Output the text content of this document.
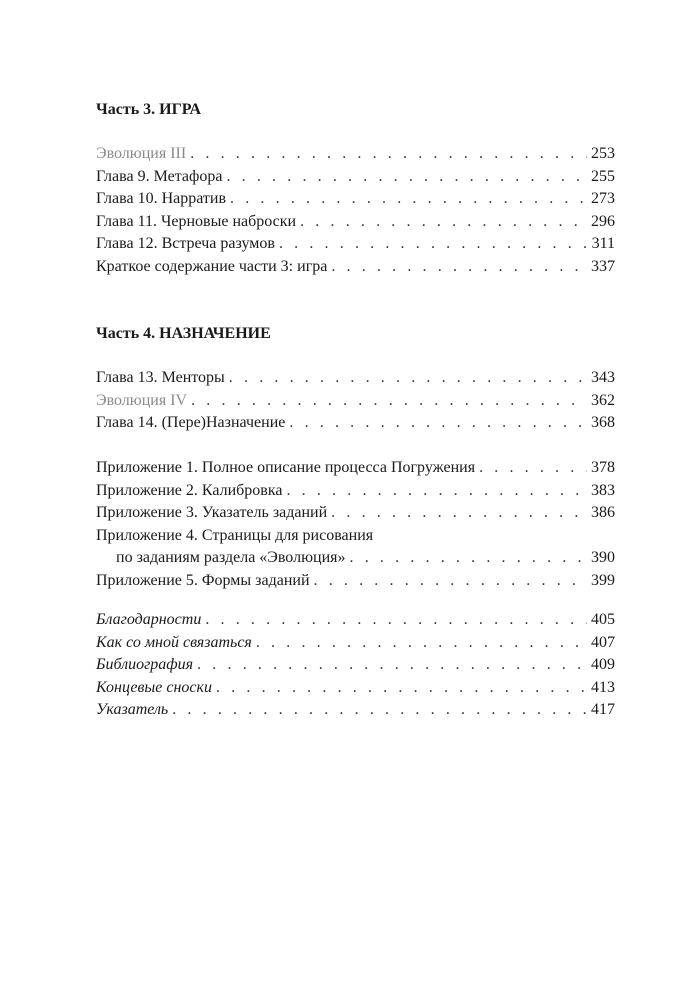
Часть 3. ИГРА
Эволюция III . . .	253
Глава 9. Метафора . . .	255
Глава 10. Нарратив . . .	273
Глава 11. Черновые наброски . . .	296
Глава 12. Встреча разумов . . .	311
Краткое содержание части 3: игра . . .	337
Часть 4. НАЗНАЧЕНИЕ
Глава 13. Менторы . . .	343
Эволюция IV . . .	362
Глава 14. (Пере)Назначение . . .	368
Приложение 1. Полное описание процесса Погружения . . .	378
Приложение 2. Калибровка . . .	383
Приложение 3. Указатель заданий . . .	386
Приложение 4. Страницы для рисования
по заданиям раздела «Эволюция» . . .	390
Приложение 5. Формы заданий . . .	399
Благодарности . . .	405
Как со мной связаться . . .	407
Библиография . . .	409
Концевые сноски . . .	413
Указатель . . .	417
